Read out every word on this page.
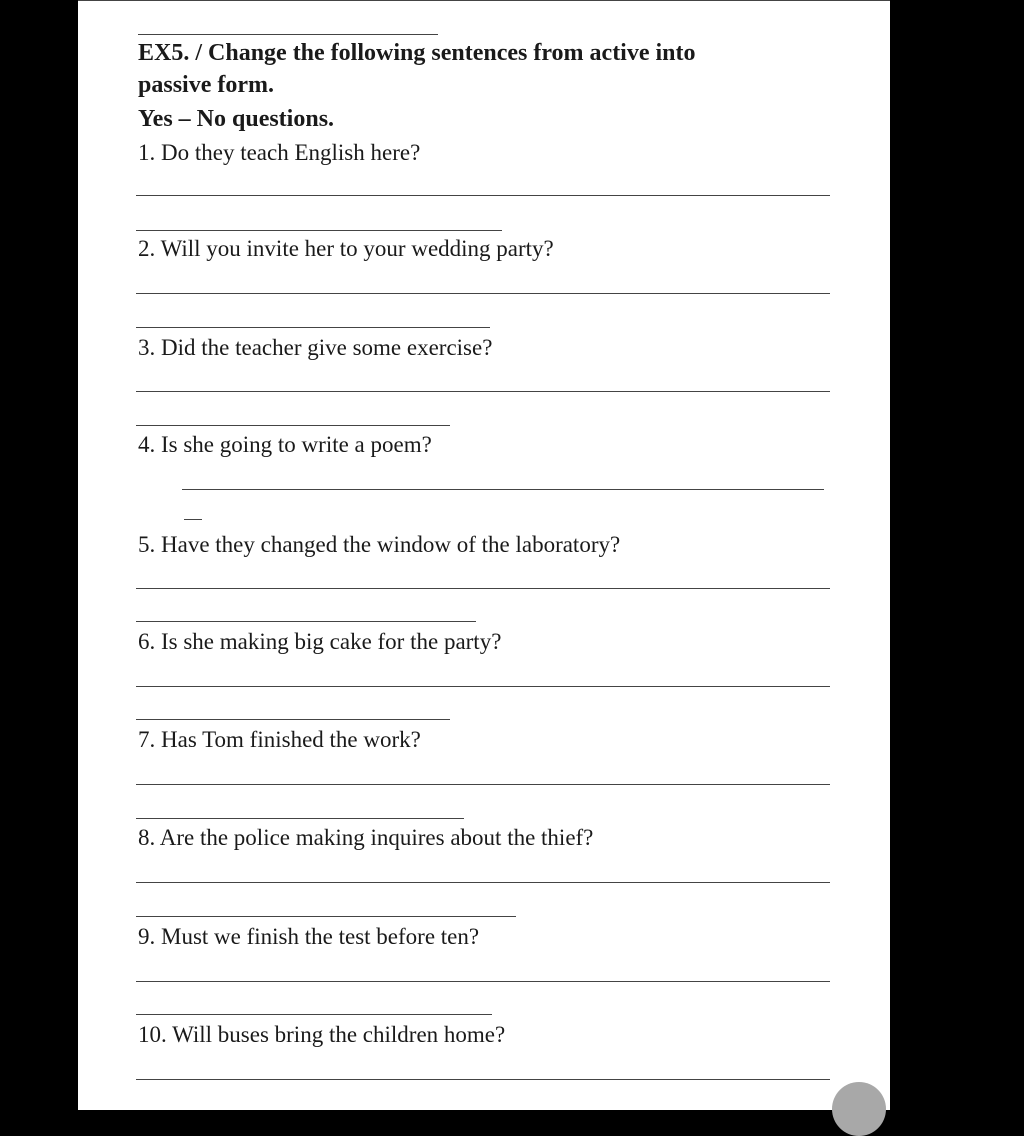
EX5. / Change the following sentences from active into
passive form.
Yes – No questions.
1. Do they teach English here?
2. Will you invite her to your wedding party?
3. Did the teacher give some exercise?
4. Is she going to write a poem?
5. Have they changed the window of the laboratory?
6. Is she making big cake for the party?
7. Has Tom finished the work?
8. Are the police making inquires about the thief?
9. Must we finish the test before ten?
10. Will buses bring the children home?
